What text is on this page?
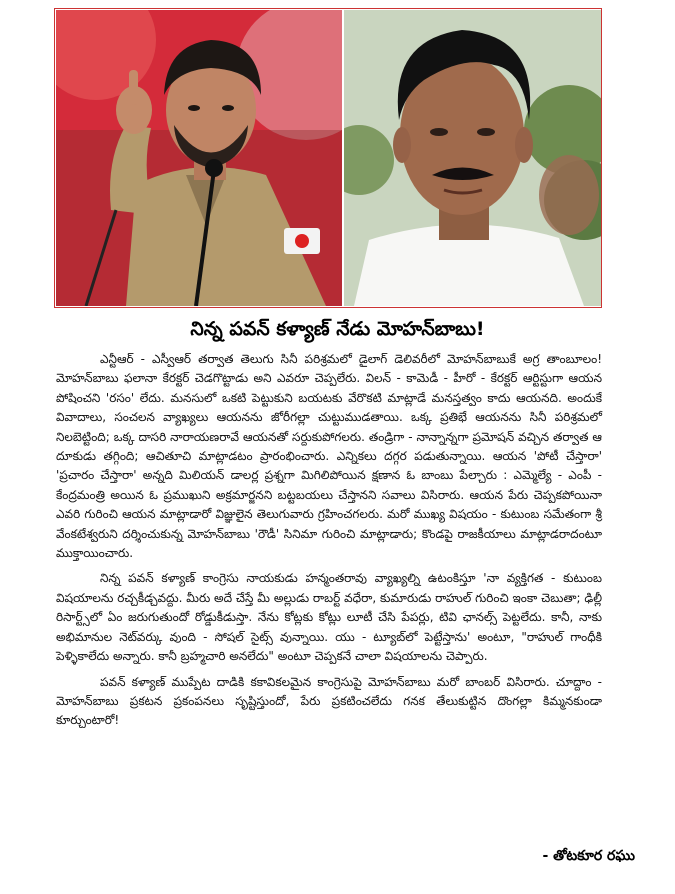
నిన్న పవన్ కళ్యాణ్ నేడు మోహన్‌బాబు!

ఎన్టీఆర్ - ఎస్వీఆర్ తర్వాత తెలుగు సినీ పరిశ్రమలో డైలాగ్ డెలివరీలో మోహన్‌బాబుకే అగ్ర తాంబూలం! మోహన్‌బాబు ఫలానా కేరక్టర్ చెడగొట్టాడు అని ఎవరూ చెప్పలేరు. విలన్ - కామెడీ - హీరో - కేరక్టర్ ఆర్టిస్టుగా ఆయన పోషించని 'రసం' లేదు. మనసులో ఒకటి పెట్టుకుని బయటకు వేరొకటి మాట్లాడే మనస్తత్వం కాదు ఆయనది. అందుకే వివాదాలు, సంచలన వ్యాఖ్యలు ఆయనను జోరీగల్లా చుట్టుముడతాయి. ఒక్క ప్రతిభే ఆయనను సినీ పరిశ్రమలో నిలబెట్టింది; ఒక్క దాసరి నారాయణరావే ఆయనతో సర్దుకుపోగలరు. తండ్రిగా - నాన్నాన్నగా ప్రమోషన్ వచ్చిన తర్వాత ఆ దూకుడు తగ్గింది; ఆచితూచి మాట్లాడటం ప్రారంభించారు. ఎన్నికలు దగ్గర పడుతున్నాయి. ఆయన 'పోటీ చేస్తారా' 'ప్రచారం చేస్తారా' అన్నది మిలియన్ డాలర్ల ప్రశ్నగా మిగిలిపోయిన క్షణాన ఓ బాంబు పేల్చారు : ఎమ్మెల్యే - ఎంపీ - కేంద్రమంత్రి అయిన ఓ ప్రముఖుని అక్రమార్జనని బట్టబయలు చేస్తానని సవాలు విసిరారు. ఆయన పేరు చెప్పకపోయినా ఎవరి గురించి ఆయన మాట్లాడారో విజ్ఞులైన తెలుగువారు గ్రహించగలరు. మరో ముఖ్య విషయం - కుటుంబ సమేతంగా శ్రీ వేంకటేశ్వరుని దర్శించుకున్న మోహన్‌బాబు 'రౌడీ' సినిమా గురించి మాట్లాడారు; కొండపై రాజకీయాలు మాట్లాడరాదంటూ ముక్తాయించారు.

నిన్న పవన్ కళ్యాణ్ కాంగ్రెసు నాయకుడు హన్మంతరావు వ్యాఖ్యల్ని ఉటంకిస్తూ 'నా వ్యక్తిగత - కుటుంబ విషయాలను రచ్చకీడ్చవద్దు. మీరు అదే చేస్తే మీ అల్లుడు రాబర్ట్ వధేరా, కుమారుడు రాహుల్ గురించి ఇంకా చెబుతా; ఢిల్లీ రిసార్ట్స్‌లో ఏం జరుగుతుందో రోడ్డుకీడుస్తా. నేను కోట్లకు కోట్లు లూటీ చేసి పేపర్లు, టివి ఛానల్స్ పెట్టలేదు. కానీ, నాకు అభిమానుల నెట్‌వర్కు వుంది - సోషల్ సైట్స్ వున్నాయి. యు - ట్యూబ్‌లో పెట్టేస్తాను' అంటూ, "రాహుల్ గాంధీకి పెళ్ళికాలేదు అన్నారు. కానీ బ్రహ్మచారి అనలేదు" అంటూ చెప్పకనే చాలా విషయాలను చెప్పారు.

పవన్ కళ్యాణ్ ముప్పేట దాడికి కకావికలమైన కాంగ్రెసుపై మోహన్‌బాబు మరో బాంబర్ విసిరారు. చూద్దాం - మోహన్‌బాబు ప్రకటన ప్రకంపనలు సృష్టిస్తుందో, పేరు ప్రకటించలేదు గనక తేలుకుట్టిన దొంగల్లా కిమ్మనకుండా కూర్చుంటారో!

- తోటకూర రఘు
